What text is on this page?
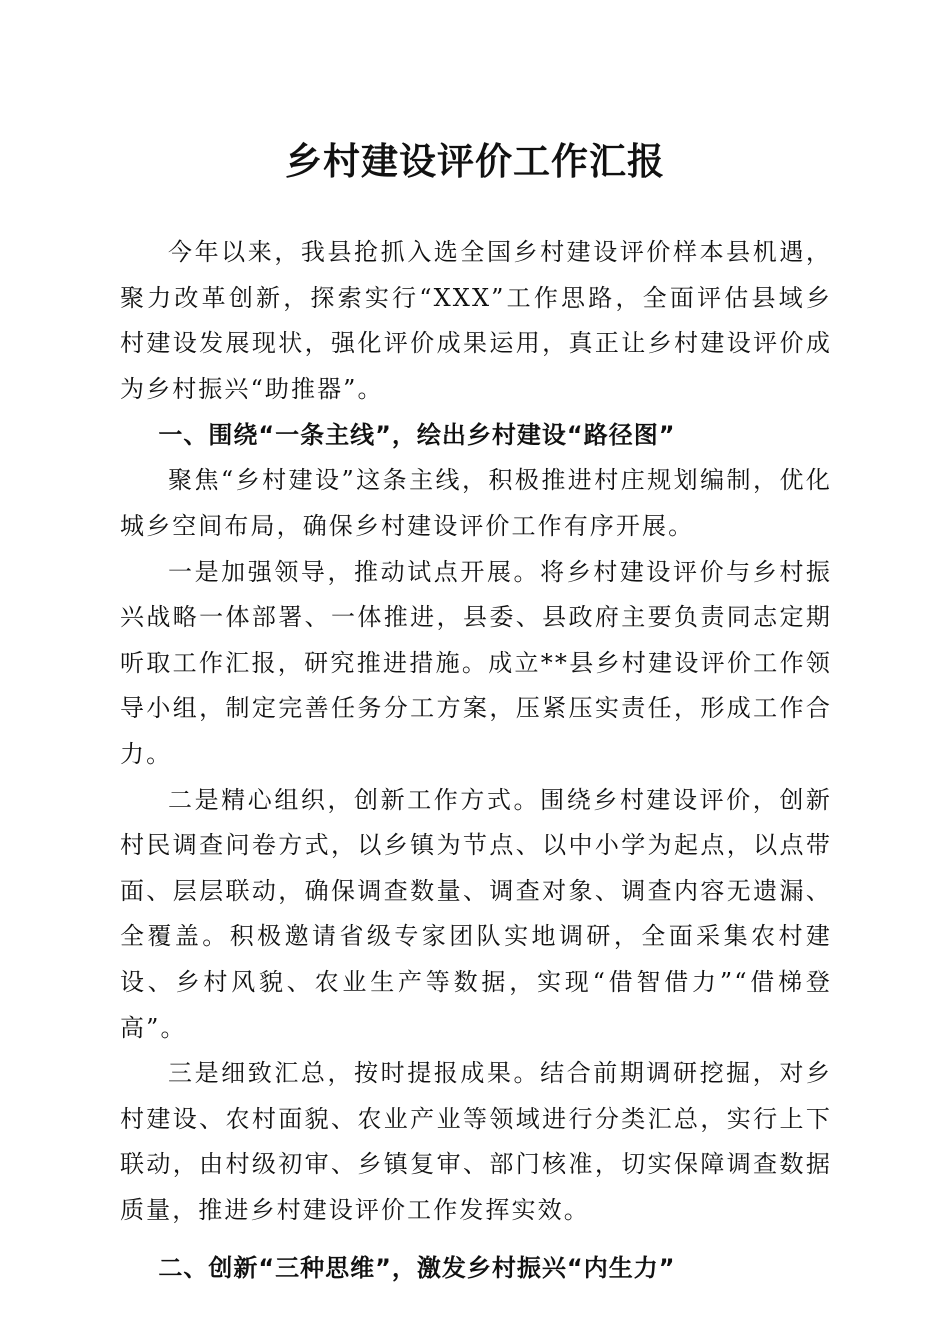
乡村建设评价工作汇报

今年以来，我县抢抓入选全国乡村建设评价样本县机遇，聚力改革创新，探索实行“XXX”工作思路，全面评估县域乡村建设发展现状，强化评价成果运用，真正让乡村建设评价成为乡村振兴“助推器”。

一、围绕“一条主线”，绘出乡村建设“路径图”

聚焦“乡村建设”这条主线，积极推进村庄规划编制，优化城乡空间布局，确保乡村建设评价工作有序开展。

一是加强领导，推动试点开展。将乡村建设评价与乡村振兴战略一体部署、一体推进，县委、县政府主要负责同志定期听取工作汇报，研究推进措施。成立**县乡村建设评价工作领导小组，制定完善任务分工方案，压紧压实责任，形成工作合力。

二是精心组织，创新工作方式。围绕乡村建设评价，创新村民调查问卷方式，以乡镇为节点、以中小学为起点，以点带面、层层联动，确保调查数量、调查对象、调查内容无遗漏、全覆盖。积极邀请省级专家团队实地调研，全面采集农村建设、乡村风貌、农业生产等数据，实现“借智借力”“借梯登高”。

三是细致汇总，按时提报成果。结合前期调研挖掘，对乡村建设、农村面貌、农业产业等领域进行分类汇总，实行上下联动，由村级初审、乡镇复审、部门核准，切实保障调查数据质量，推进乡村建设评价工作发挥实效。

二、创新“三种思维”，激发乡村振兴“内生力”
